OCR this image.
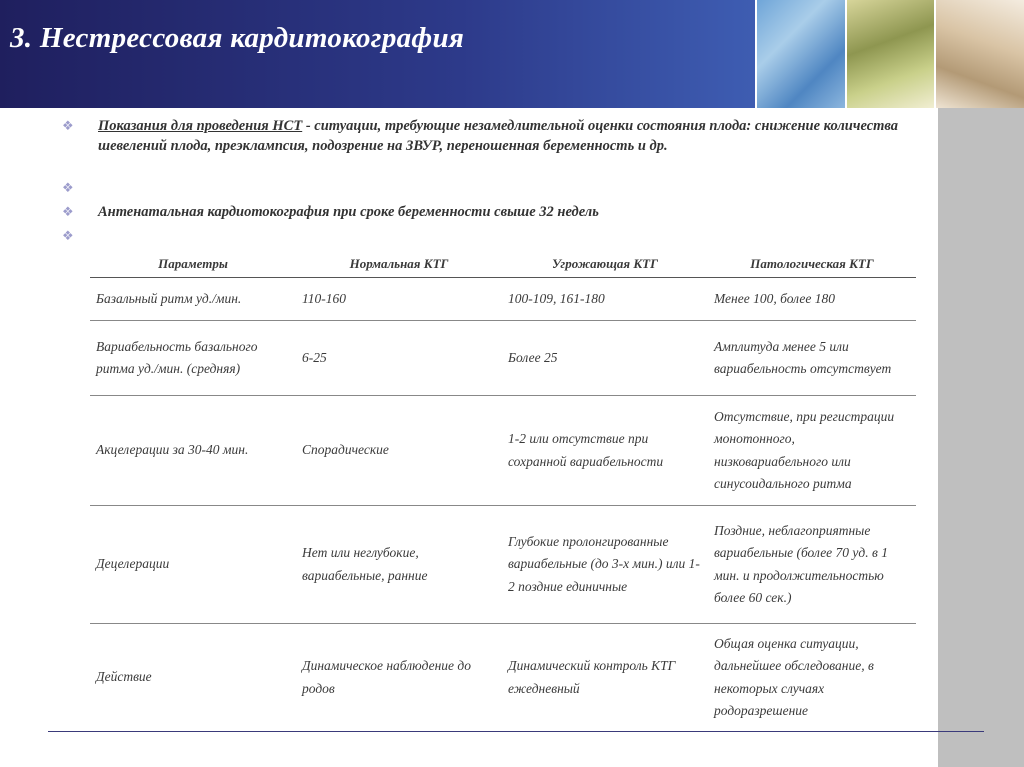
3. Нестрессовая кардитокография
❖	Показания для проведения НСТ - ситуации, требующие незамедлительной оценки состояния плода: снижение количества шевелений плода, преэклампсия, подозрение на ЗВУР, переношенная беременность и др.
❖
❖	Антенатальная кардиотокография при сроке беременности свыше 32 недель
❖
Параметры	Нормальная КТГ	Угрожающая КТГ	Патологическая КТГ
Базальный ритм уд./мин.	110-160	100-109, 161-180	Менее 100, более 180
Вариабельность базального ритма уд./мин. (средняя)	6-25	Более 25	Амплитуда менее 5 или вариабельность отсутствует
Акцелерации за 30-40 мин.	Спорадические	1-2 или отсутствие при сохранной вариабельности	Отсутствие, при регистрации монотонного, низковариабельного или синусоидального ритма
Децелерации	Нет или неглубокие, вариабельные, ранние	Глубокие пролонгированные вариабельные (до 3-х мин.) или 1-2 поздние единичные	Поздние, неблагоприятные вариабельные (более 70 уд. в 1 мин. и продолжительностью более 60 сек.)
Действие	Динамическое наблюдение до родов	Динамический контроль КТГ ежедневный	Общая оценка ситуации, дальнейшее обследование, в некоторых случаях родоразрешение
